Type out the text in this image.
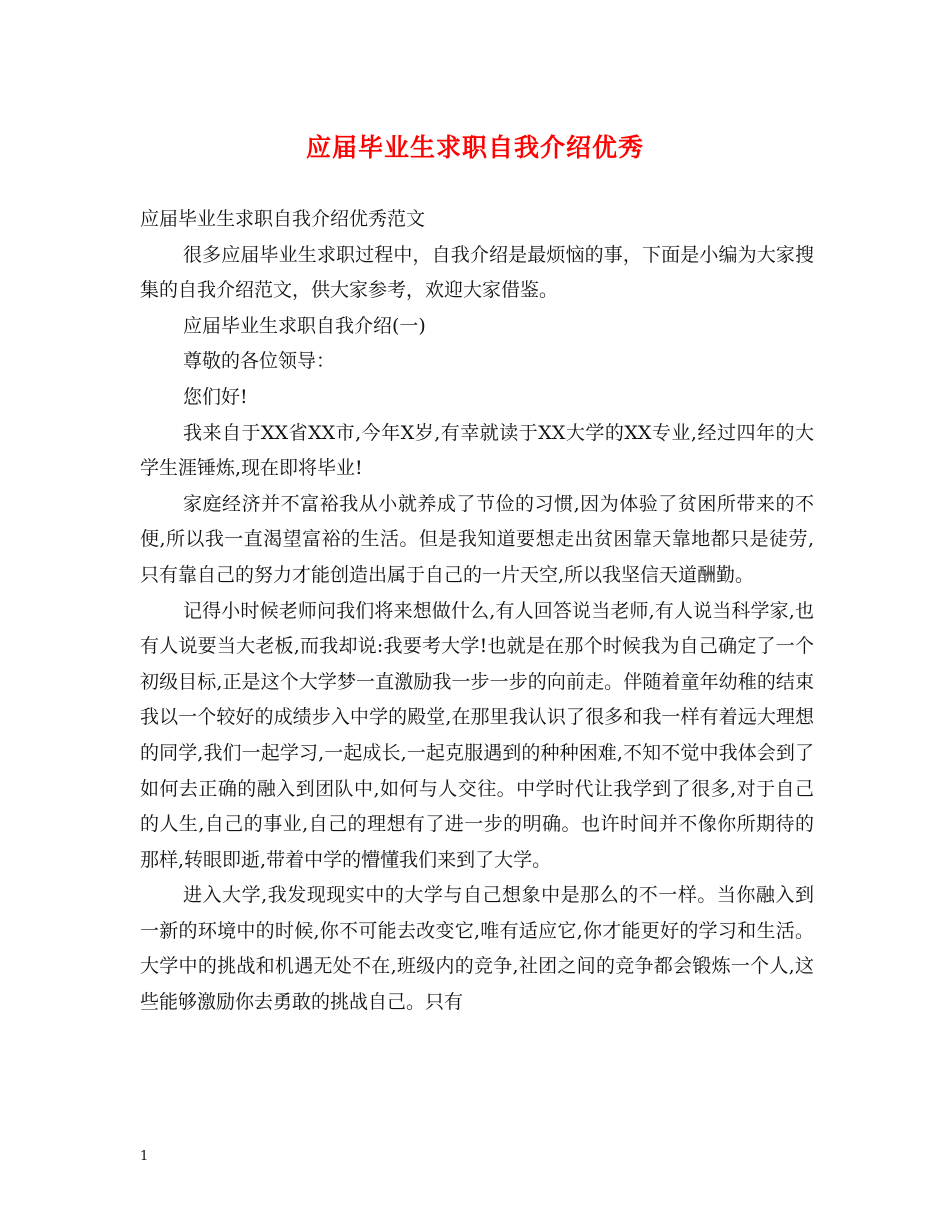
应届毕业生求职自我介绍优秀

应届毕业生求职自我介绍优秀范文

很多应届毕业生求职过程中，自我介绍是最烦恼的事，下面是小编为大家搜集的自我介绍范文，供大家参考，欢迎大家借鉴。

应届毕业生求职自我介绍(一)

尊敬的各位领导：

您们好!

我来自于XX省XX市,今年X岁,有幸就读于XX大学的XX专业,经过四年的大学生涯锤炼,现在即将毕业!

家庭经济并不富裕我从小就养成了节俭的习惯,因为体验了贫困所带来的不便,所以我一直渴望富裕的生活。但是我知道要想走出贫困靠天靠地都只是徒劳,只有靠自己的努力才能创造出属于自己的一片天空,所以我坚信天道酬勤。

记得小时候老师问我们将来想做什么,有人回答说当老师,有人说当科学家,也有人说要当大老板,而我却说:我要考大学!也就是在那个时候我为自己确定了一个初级目标,正是这个大学梦一直激励我一步一步的向前走。伴随着童年幼稚的结束我以一个较好的成绩步入中学的殿堂,在那里我认识了很多和我一样有着远大理想的同学,我们一起学习,一起成长,一起克服遇到的种种困难,不知不觉中我体会到了如何去正确的融入到团队中,如何与人交往。中学时代让我学到了很多,对于自己的人生,自己的事业,自己的理想有了进一步的明确。也许时间并不像你所期待的那样,转眼即逝,带着中学的懵懂我们来到了大学。

进入大学,我发现现实中的大学与自己想象中是那么的不一样。当你融入到一新的环境中的时候,你不可能去改变它,唯有适应它,你才能更好的学习和生活。大学中的挑战和机遇无处不在,班级内的竞争,社团之间的竞争都会锻炼一个人,这些能够激励你去勇敢的挑战自己。只有

1
